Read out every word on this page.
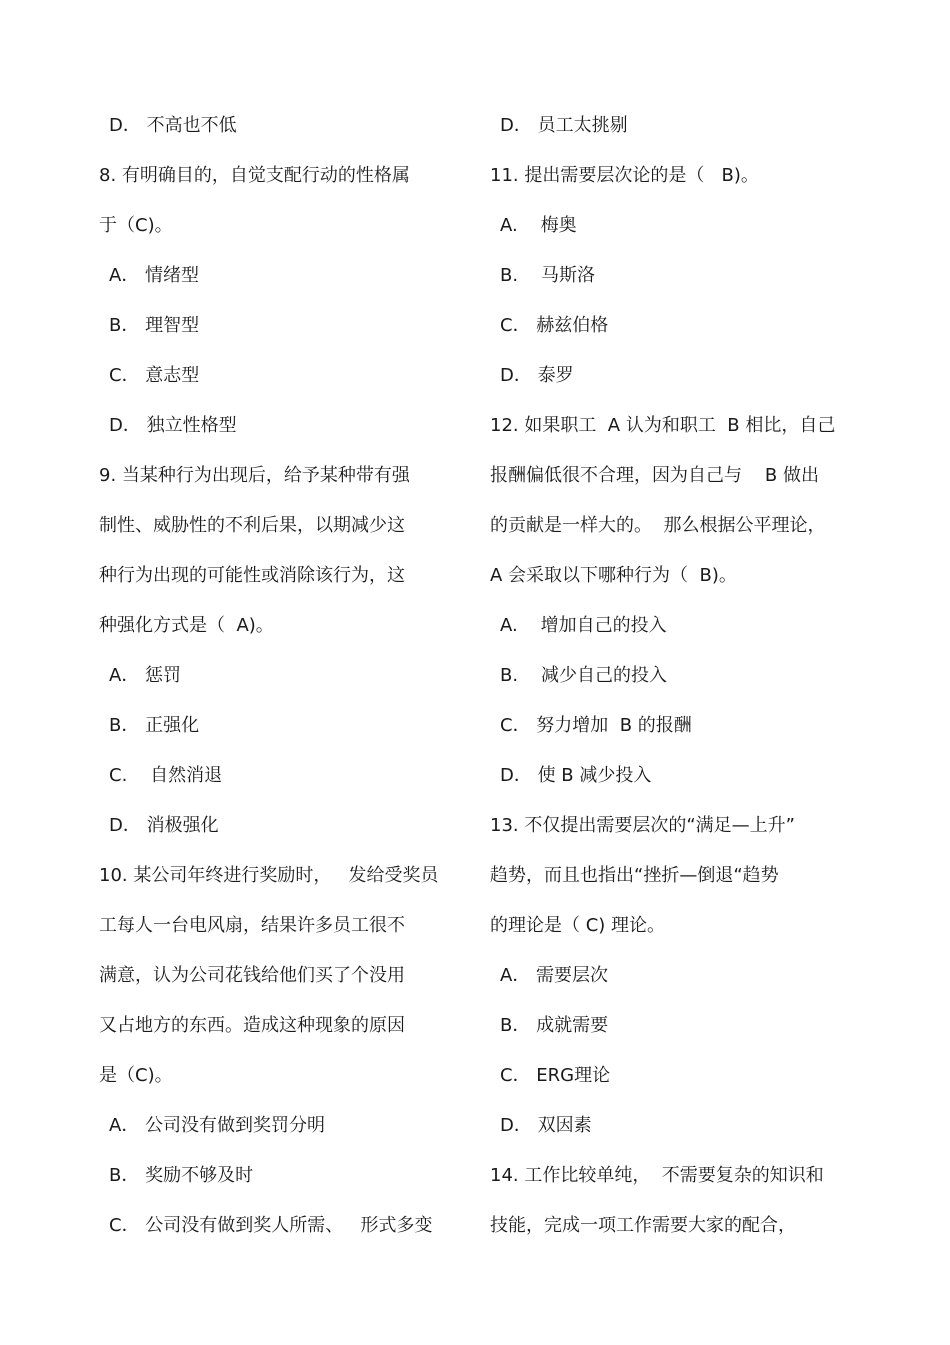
D． 不高也不低
8. 有明确目的，自觉支配行动的性格属
于（C)。
A． 情绪型
B． 理智型
C． 意志型
D． 独立性格型
9. 当某种行为出现后，给予某种带有强
制性、威胁性的不利后果，以期减少这
种行为出现的可能性或消除该行为，这
种强化方式是（  A)。
A． 惩罚
B． 正强化
C.    自然消退
D． 消极强化
10. 某公司年终进行奖励时，   发给受奖员
工每人一台电风扇，结果许多员工很不
满意，认为公司花钱给他们买了个没用
又占地方的东西。造成这种现象的原因
是（C)。
A． 公司没有做到奖罚分明
B． 奖励不够及时
C． 公司没有做到奖人所需、   形式多变
D． 员工太挑剔
11. 提出需要层次论的是（   B)。
A.    梅奥
B.    马斯洛
C． 赫兹伯格
D． 泰罗
12. 如果职工  A 认为和职工  B 相比，自己
报酬偏低很不合理，因为自己与    B 做出
的贡献是一样大的。  那么根据公平理论，
A 会采取以下哪种行为（  B)。
A.    增加自己的投入
B.    减少自己的投入
C． 努力增加  B 的报酬
D． 使 B 减少投入
13. 不仅提出需要层次的“满足—上升”
趋势，而且也指出“挫折—倒退“趋势
的理论是（ C) 理论。
A． 需要层次
B． 成就需要
C． ERG理论
D． 双因素
14. 工作比较单纯，  不需要复杂的知识和
技能，完成一项工作需要大家的配合，
